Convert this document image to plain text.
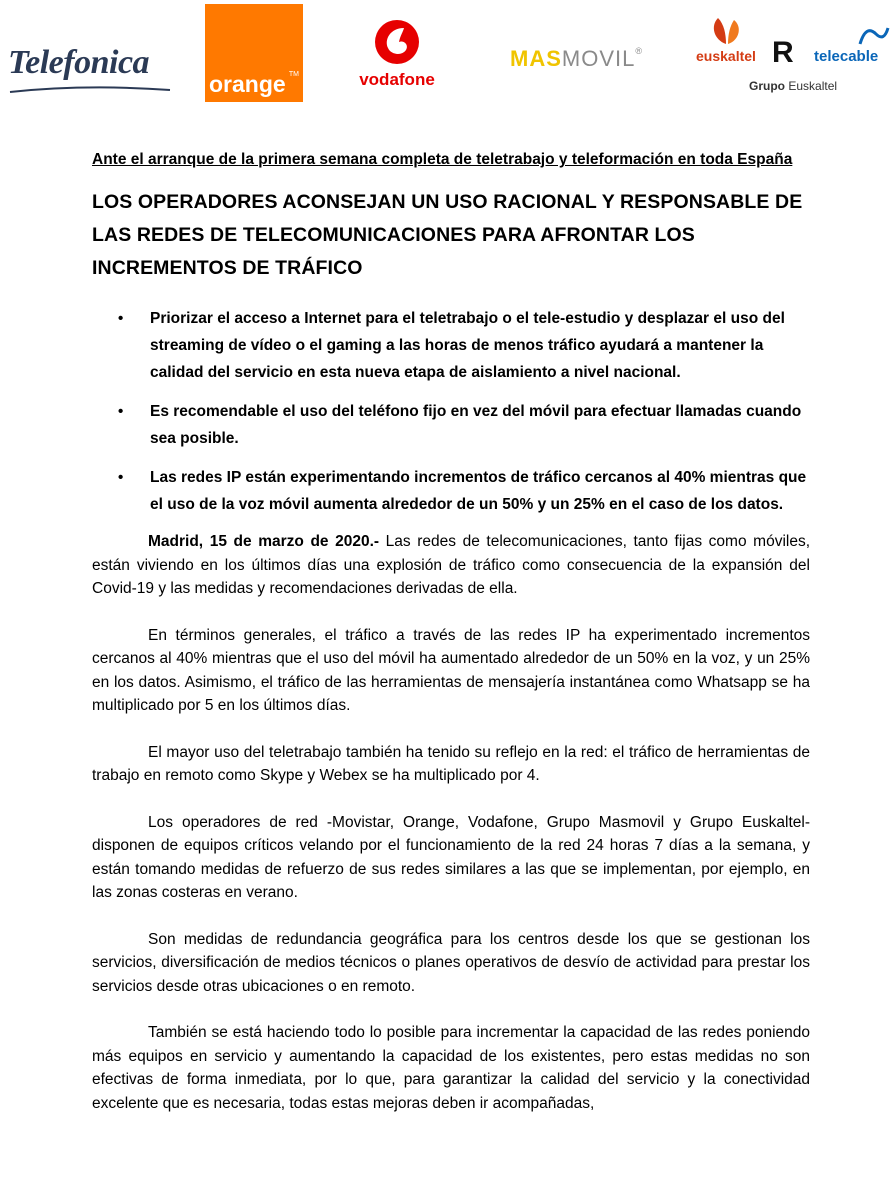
Telefonica	TM
orange	vodafone
MASMOVIL®	euskaltel R	telecable
Grupo Euskaltel

Ante el arranque de la primera semana completa de teletrabajo y teleformación en toda España

LOS OPERADORES ACONSEJAN UN USO RACIONAL Y RESPONSABLE DE LAS REDES DE TELECOMUNICACIONES PARA AFRONTAR LOS INCREMENTOS DE TRÁFICO

• Priorizar el acceso a Internet para el teletrabajo o el tele-estudio y desplazar el uso del streaming de vídeo o el gaming a las horas de menos tráfico ayudará a mantener la calidad del servicio en esta nueva etapa de aislamiento a nivel nacional.
• Es recomendable el uso del teléfono fijo en vez del móvil para efectuar llamadas cuando sea posible.
• Las redes IP están experimentando incrementos de tráfico cercanos al 40% mientras que el uso de la voz móvil aumenta alrededor de un 50% y un 25% en el caso de los datos.

Madrid, 15 de marzo de 2020.- Las redes de telecomunicaciones, tanto fijas como móviles, están viviendo en los últimos días una explosión de tráfico como consecuencia de la expansión del Covid-19 y las medidas y recomendaciones derivadas de ella.

En términos generales, el tráfico a través de las redes IP ha experimentado incrementos cercanos al 40% mientras que el uso del móvil ha aumentado alrededor de un 50% en la voz, y un 25% en los datos. Asimismo, el tráfico de las herramientas de mensajería instantánea como Whatsapp se ha multiplicado por 5 en los últimos días.

El mayor uso del teletrabajo también ha tenido su reflejo en la red: el tráfico de herramientas de trabajo en remoto como Skype y Webex se ha multiplicado por 4.

Los operadores de red -Movistar, Orange, Vodafone, Grupo Masmovil y Grupo Euskaltel- disponen de equipos críticos velando por el funcionamiento de la red 24 horas 7 días a la semana, y están tomando medidas de refuerzo de sus redes similares a las que se implementan, por ejemplo, en las zonas costeras en verano.

Son medidas de redundancia geográfica para los centros desde los que se gestionan los servicios, diversificación de medios técnicos o planes operativos de desvío de actividad para prestar los servicios desde otras ubicaciones o en remoto.

También se está haciendo todo lo posible para incrementar la capacidad de las redes poniendo más equipos en servicio y aumentando la capacidad de los existentes, pero estas medidas no son efectivas de forma inmediata, por lo que, para garantizar la calidad del servicio y la conectividad excelente que es necesaria, todas estas mejoras deben ir acompañadas,
